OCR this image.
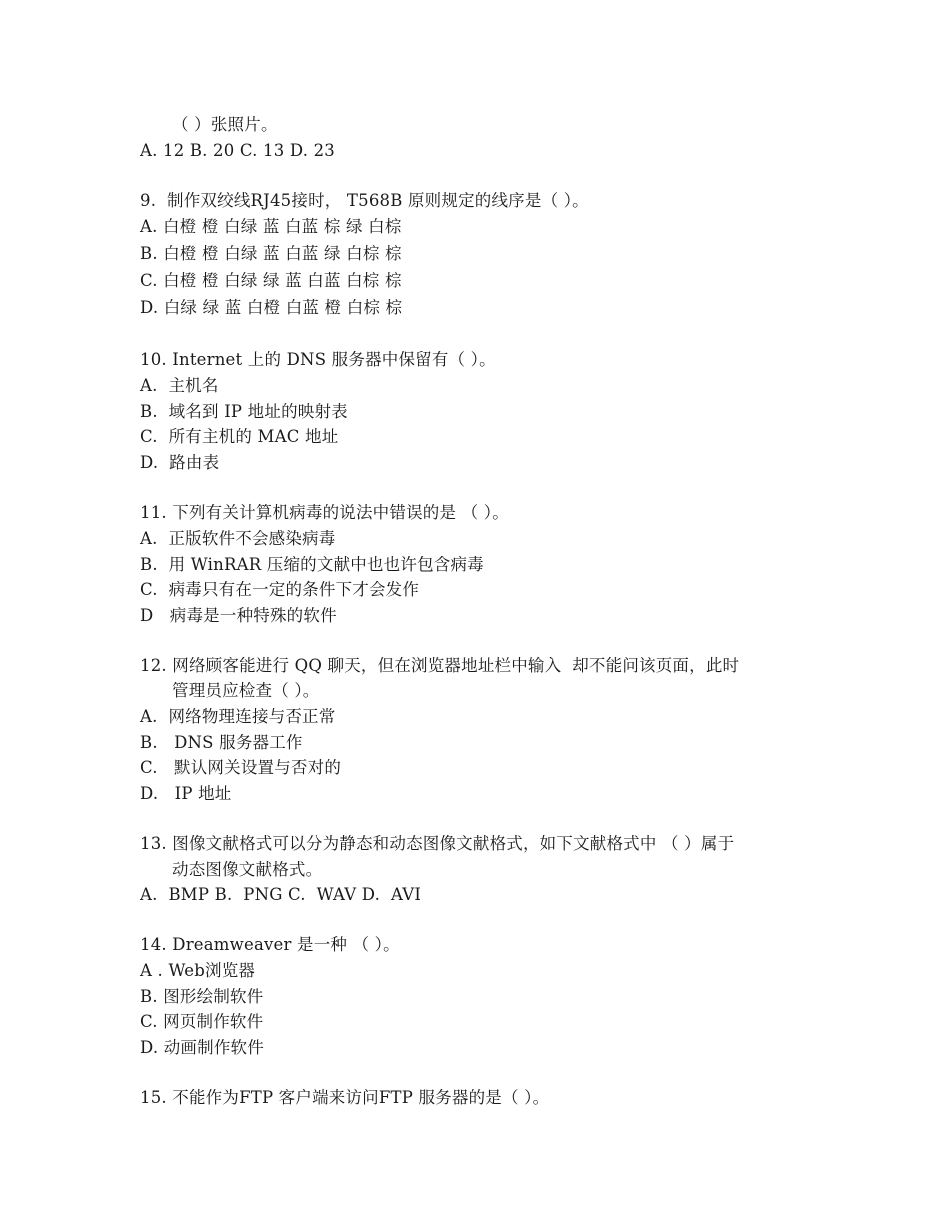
（ ）张照片。
A. 12 B. 20 C. 13 D. 23
9.  制作双绞线RJ45接时， T568B 原则规定的线序是（ ）。
A. 白橙 橙 白绿 蓝 白蓝 棕 绿 白棕
B. 白橙 橙 白绿 蓝 白蓝 绿 白棕 棕
C. 白橙 橙 白绿 绿 蓝 白蓝 白棕 棕
D. 白绿 绿 蓝 白橙 白蓝 橙 白棕 棕
10. Internet 上的 DNS 服务器中保留有（ ）。
A.  主机名
B.  域名到 IP 地址的映射表
C.  所有主机的 MAC 地址
D.  路由表
11. 下列有关计算机病毒的说法中错误的是 （ ）。
A.  正版软件不会感染病毒
B.  用 WinRAR 压缩的文献中也也许包含病毒
C.  病毒只有在一定的条件下才会发作
D   病毒是一种特殊的软件
12. 网络顾客能进行 QQ 聊天，但在浏览器地址栏中输入  却不能问该页面，此时
管理员应检查（ ）。
A.  网络物理连接与否正常
B.   DNS 服务器工作
C.   默认网关设置与否对的
D.   IP 地址
13. 图像文献格式可以分为静态和动态图像文献格式，如下文献格式中 （ ）属于
动态图像文献格式。
A.  BMP B.  PNG C.  WAV D.  AVI
14. Dreamweaver 是一种 （ ）。
A . Web浏览器
B. 图形绘制软件
C. 网页制作软件
D. 动画制作软件
15. 不能作为FTP 客户端来访问FTP 服务器的是（ ）。
